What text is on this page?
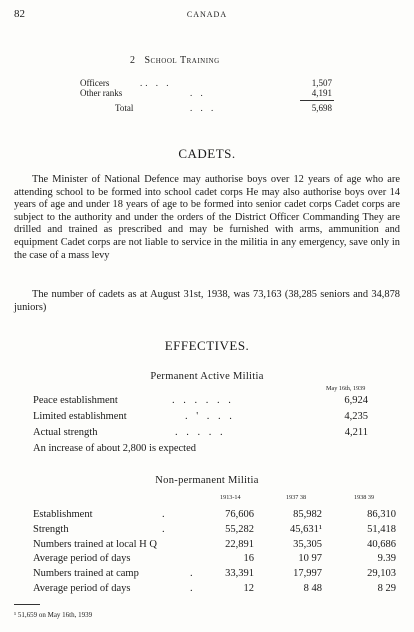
82	CANADA
2 School Training
Officers	.. . .	1,507
Other ranks	. .	4,191
Total	. . .	5,698
CADETS.
The Minister of National Defence may authorise boys over 12 years of age who are attending school to be formed into school cadet corps He may also authorise boys over 14 years of age and under 18 years of age to be formed into senior cadet corps Cadet corps are subject to the authority and under the orders of the District Officer Commanding They are drilled and trained as prescribed and may be furnished with arms, ammunition and equipment Cadet corps are not liable to service in the militia in any emergency, save only in the case of a mass levy
The number of cadets as at August 31st, 1938, was 73,163 (38,285 seniors and 34,878 juniors)
EFFECTIVES.
Permanent Active Militia
May 16th, 1939
Peace establishment	. . . . . .	6,924
Limited establishment	. ' . . .	4,235
Actual strength	. . . . .	4,211
An increase of about 2,800 is expected
Non-permanent Militia
1913-14	1937 38	1938 39
Establishment	.	76,606	85,982	86,310
Strength	.	55,282	45,631¹	51,418
Numbers trained at local H Q	22,891	35,305	40,686
Average period of days	16	10 97	9.39
Numbers trained at camp	.	33,391	17,997	29,103
Average period of days	.	12	8 48	8 29
¹ 51,659 on May 16th, 1939
